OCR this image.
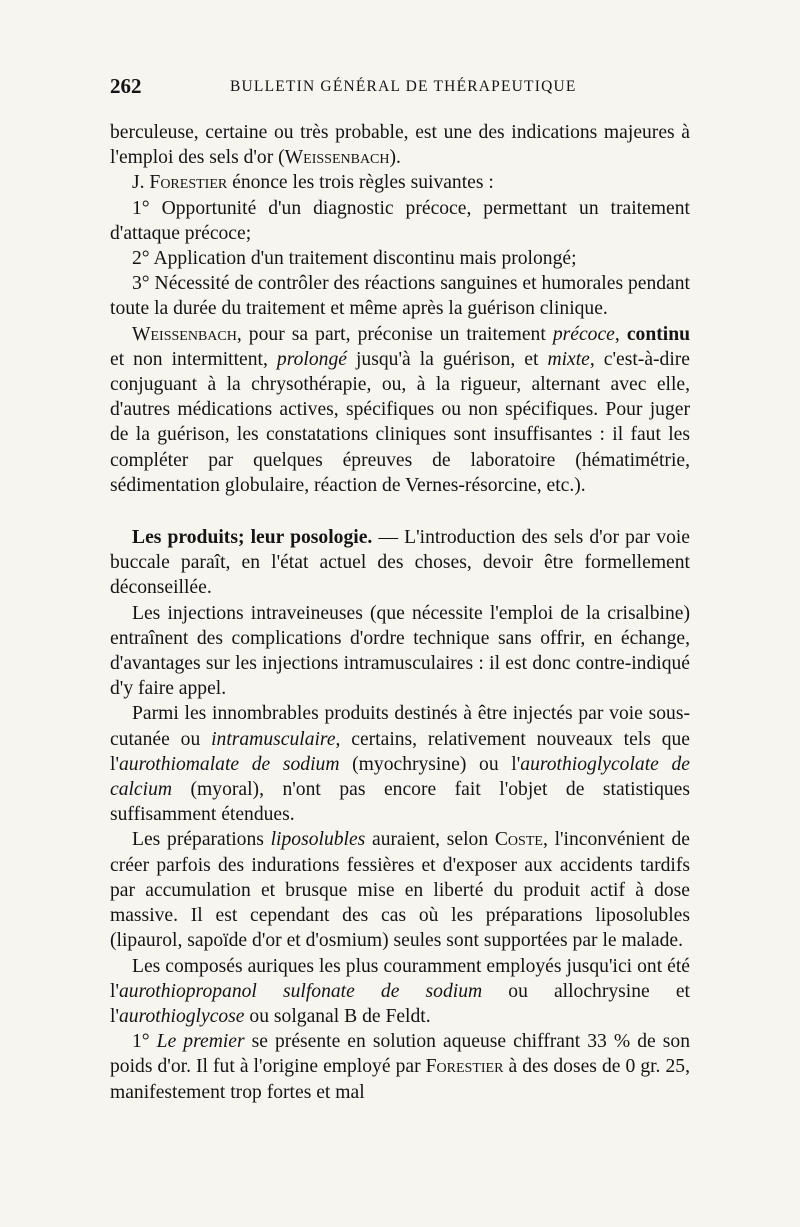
262	BULLETIN GÉNÉRAL DE THÉRAPEUTIQUE

berculeuse, certaine ou très probable, est une des indications majeures à l'emploi des sels d'or (Weissenbach).

J. Forestier énonce les trois règles suivantes :

1° Opportunité d'un diagnostic précoce, permettant un traitement d'attaque précoce;

2° Application d'un traitement discontinu mais prolongé;

3° Nécessité de contrôler des réactions sanguines et humorales pendant toute la durée du traitement et même après la guérison clinique.

Weissenbach, pour sa part, préconise un traitement précoce, continu et non intermittent, prolongé jusqu'à la guérison, et mixte, c'est-à-dire conjuguant à la chrysothérapie, ou, à la rigueur, alternant avec elle, d'autres médications actives, spécifiques ou non spécifiques. Pour juger de la guérison, les constatations cliniques sont insuffisantes : il faut les compléter par quelques épreuves de laboratoire (hématimétrie, sédimentation globulaire, réaction de Vernes-résorcine, etc.).

Les produits; leur posologie. — L'introduction des sels d'or par voie buccale paraît, en l'état actuel des choses, devoir être formellement déconseillée.

Les injections intraveineuses (que nécessite l'emploi de la crisalbine) entraînent des complications d'ordre technique sans offrir, en échange, d'avantages sur les injections intramusculaires : il est donc contre-indiqué d'y faire appel.

Parmi les innombrables produits destinés à être injectés par voie sous-cutanée ou intramusculaire, certains, relativement nouveaux tels que l'aurothiomalate de sodium (myochrysine) ou l'aurothioglycolate de calcium (myoral), n'ont pas encore fait l'objet de statistiques suffisamment étendues.

Les préparations liposolubles auraient, selon Coste, l'inconvénient de créer parfois des indurations fessières et d'exposer aux accidents tardifs par accumulation et brusque mise en liberté du produit actif à dose massive. Il est cependant des cas où les préparations liposolubles (lipaurol, sapoïde d'or et d'osmium) seules sont supportées par le malade.

Les composés auriques les plus couramment employés jusqu'ici ont été l'aurothiopropanol sulfonate de sodium ou allochrysine et l'aurothioglycose ou solganal B de Feldt.

1° Le premier se présente en solution aqueuse chiffrant 33 % de son poids d'or. Il fut à l'origine employé par Forestier à des doses de 0 gr. 25, manifestement trop fortes et mal
